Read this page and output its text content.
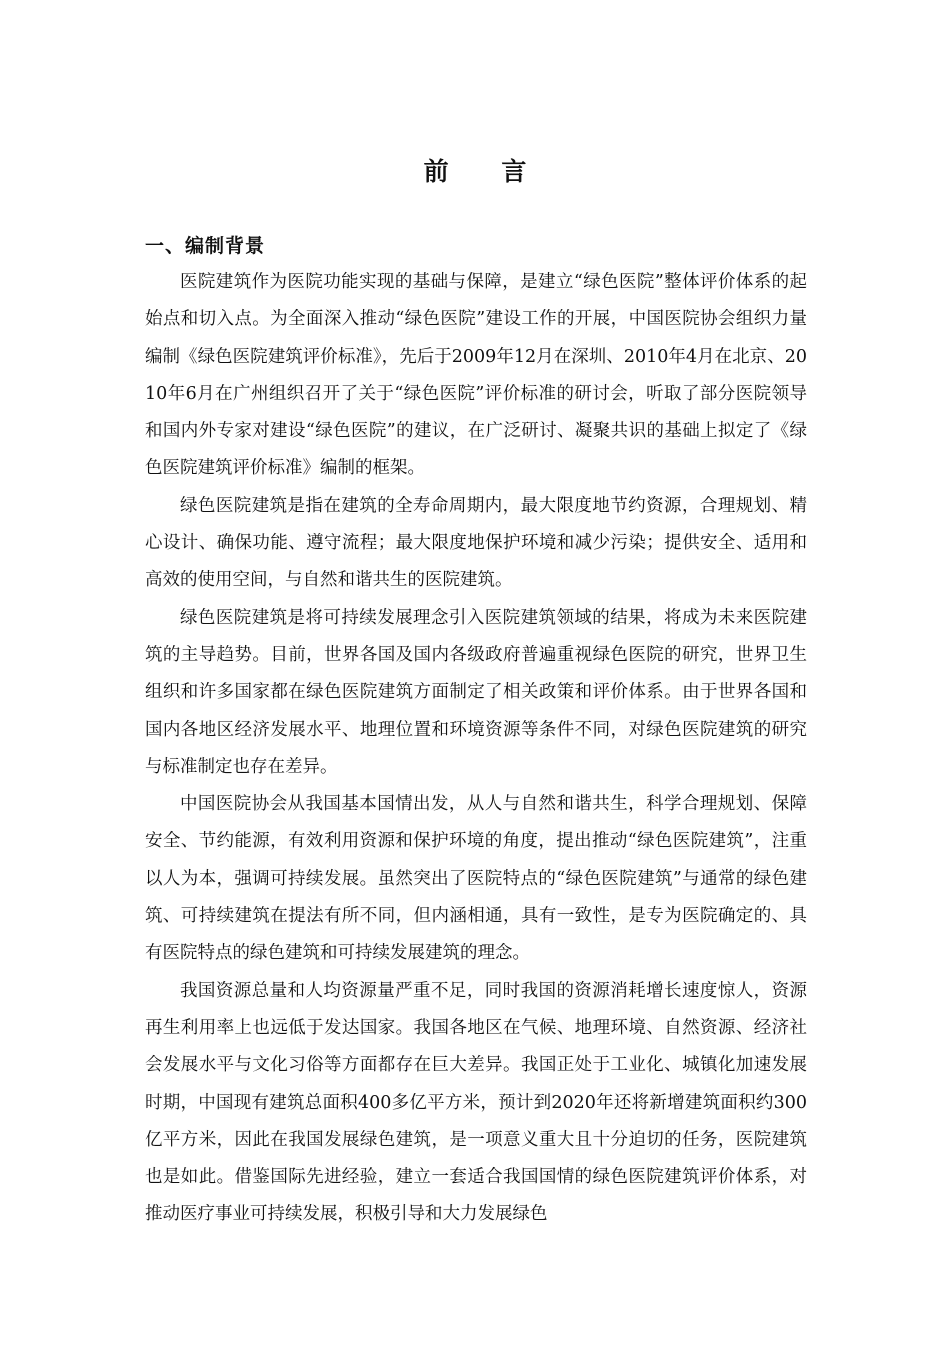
前 言
一、编制背景

医院建筑作为医院功能实现的基础与保障，是建立“绿色医院”整体评价体系的起始点和切入点。为全面深入推动“绿色医院”建设工作的开展，中国医院协会组织力量编制《绿色医院建筑评价标准》，先后于2009年12月在深圳、2010年4月在北京、2010年6月在广州组织召开了关于“绿色医院”评价标准的研讨会，听取了部分医院领导和国内外专家对建设“绿色医院”的建议，在广泛研讨、凝聚共识的基础上拟定了《绿色医院建筑评价标准》编制的框架。

绿色医院建筑是指在建筑的全寿命周期内，最大限度地节约资源，合理规划、精心设计、确保功能、遵守流程；最大限度地保护环境和减少污染；提供安全、适用和高效的使用空间，与自然和谐共生的医院建筑。

绿色医院建筑是将可持续发展理念引入医院建筑领域的结果，将成为未来医院建筑的主导趋势。目前，世界各国及国内各级政府普遍重视绿色医院的研究，世界卫生组织和许多国家都在绿色医院建筑方面制定了相关政策和评价体系。由于世界各国和国内各地区经济发展水平、地理位置和环境资源等条件不同，对绿色医院建筑的研究与标准制定也存在差异。

中国医院协会从我国基本国情出发，从人与自然和谐共生，科学合理规划、保障安全、节约能源，有效利用资源和保护环境的角度，提出推动“绿色医院建筑”，注重以人为本，强调可持续发展。虽然突出了医院特点的“绿色医院建筑”与通常的绿色建筑、可持续建筑在提法有所不同，但内涵相通，具有一致性，是专为医院确定的、具有医院特点的绿色建筑和可持续发展建筑的理念。

我国资源总量和人均资源量严重不足，同时我国的资源消耗增长速度惊人，资源再生利用率上也远低于发达国家。我国各地区在气候、地理环境、自然资源、经济社会发展水平与文化习俗等方面都存在巨大差异。我国正处于工业化、城镇化加速发展时期，中国现有建筑总面积400多亿平方米，预计到2020年还将新增建筑面积约300亿平方米，因此在我国发展绿色建筑，是一项意义重大且十分迫切的任务，医院建筑也是如此。借鉴国际先进经验，建立一套适合我国国情的绿色医院建筑评价体系，对推动医疗事业可持续发展，积极引导和大力发展绿色
